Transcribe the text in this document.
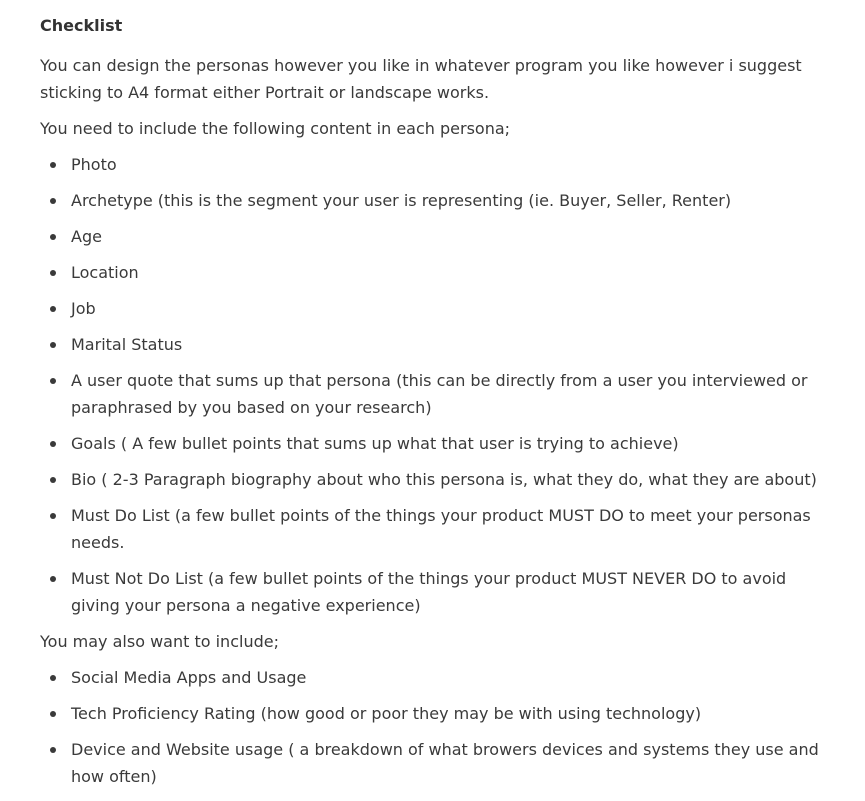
Checklist

You can design the personas however you like in whatever program you like however i suggest sticking to A4 format either Portrait or landscape works.

You need to include the following content in each persona;

Photo
Archetype (this is the segment your user is representing (ie. Buyer, Seller, Renter)
Age
Location
Job
Marital Status
A user quote that sums up that persona (this can be directly from a user you interviewed or paraphrased by you based on your research)
Goals ( A few bullet points that sums up what that user is trying to achieve)
Bio ( 2-3 Paragraph biography about who this persona is, what they do, what they are about)
Must Do List (a few bullet points of the things your product MUST DO to meet your personas needs.
Must Not Do List (a few bullet points of the things your product MUST NEVER DO to avoid giving your persona a negative experience)

You may also want to include;

Social Media Apps and Usage
Tech Proficiency Rating (how good or poor they may be with using technology)
Device and Website usage ( a breakdown of what browers devices and systems they use and how often)
